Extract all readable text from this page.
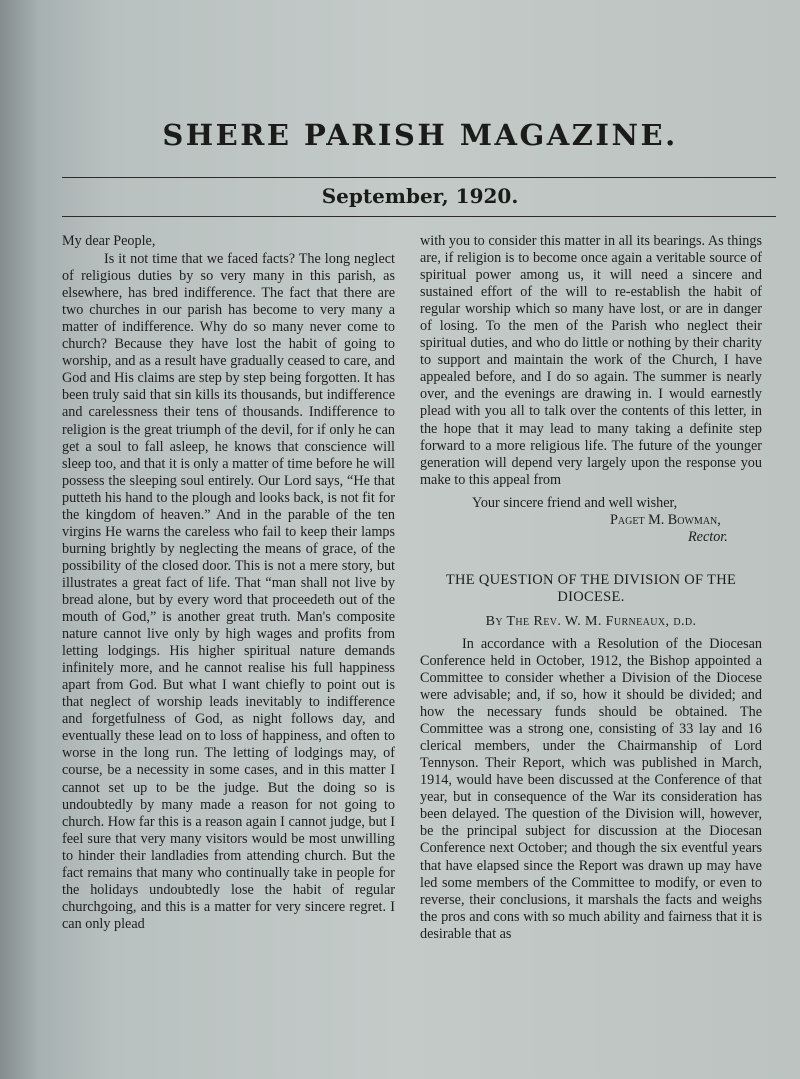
SHERE PARISH MAGAZINE.
September, 1920.

My dear People,

Is it not time that we faced facts? The long neglect of religious duties by so very many in this parish, as elsewhere, has bred indifference. The fact that there are two churches in our parish has become to very many a matter of indifference. Why do so many never come to church? Because they have lost the habit of going to worship, and as a result have gradually ceased to care, and God and His claims are step by step being forgotten. It has been truly said that sin kills its thousands, but indifference and carelessness their tens of thousands. Indifference to religion is the great triumph of the devil, for if only he can get a soul to fall asleep, he knows that conscience will sleep too, and that it is only a matter of time before he will possess the sleeping soul entirely. Our Lord says, “He that putteth his hand to the plough and looks back, is not fit for the kingdom of heaven.” And in the parable of the ten virgins He warns the careless who fail to keep their lamps burning brightly by neglecting the means of grace, of the possibility of the closed door. This is not a mere story, but illustrates a great fact of life. That “man shall not live by bread alone, but by every word that proceedeth out of the mouth of God,” is another great truth. Man's composite nature cannot live only by high wages and profits from letting lodgings. His higher spiritual nature demands infinitely more, and he cannot realise his full happiness apart from God. But what I want chiefly to point out is that neglect of worship leads inevitably to indifference and forgetfulness of God, as night follows day, and eventually these lead on to loss of happiness, and often to worse in the long run. The letting of lodgings may, of course, be a necessity in some cases, and in this matter I cannot set up to be the judge. But the doing so is undoubtedly by many made a reason for not going to church. How far this is a reason again I cannot judge, but I feel sure that very many visitors would be most unwilling to hinder their landladies from attending church. But the fact remains that many who continually take in people for the holidays undoubtedly lose the habit of regular churchgoing, and this is a matter for very sincere regret. I can only plead

with you to consider this matter in all its bearings. As things are, if religion is to become once again a veritable source of spiritual power among us, it will need a sincere and sustained effort of the will to re-establish the habit of regular worship which so many have lost, or are in danger of losing. To the men of the Parish who neglect their spiritual duties, and who do little or nothing by their charity to support and maintain the work of the Church, I have appealed before, and I do so again. The summer is nearly over, and the evenings are drawing in. I would earnestly plead with you all to talk over the contents of this letter, in the hope that it may lead to many taking a definite step forward to a more religious life. The future of the younger generation will depend very largely upon the response you make to this appeal from

Your sincere friend and well wisher,

Paget M. Bowman,

Rector.

THE QUESTION OF THE DIVISION OF THE DIOCESE.

By The Rev. W. M. Furneaux, d.d.

In accordance with a Resolution of the Diocesan Conference held in October, 1912, the Bishop appointed a Committee to consider whether a Division of the Diocese were advisable; and, if so, how it should be divided; and how the necessary funds should be obtained. The Committee was a strong one, consisting of 33 lay and 16 clerical members, under the Chairmanship of Lord Tennyson. Their Report, which was published in March, 1914, would have been discussed at the Conference of that year, but in consequence of the War its consideration has been delayed. The question of the Division will, however, be the principal subject for discussion at the Diocesan Conference next October; and though the six eventful years that have elapsed since the Report was drawn up may have led some members of the Committee to modify, or even to reverse, their conclusions, it marshals the facts and weighs the pros and cons with so much ability and fairness that it is desirable that as
